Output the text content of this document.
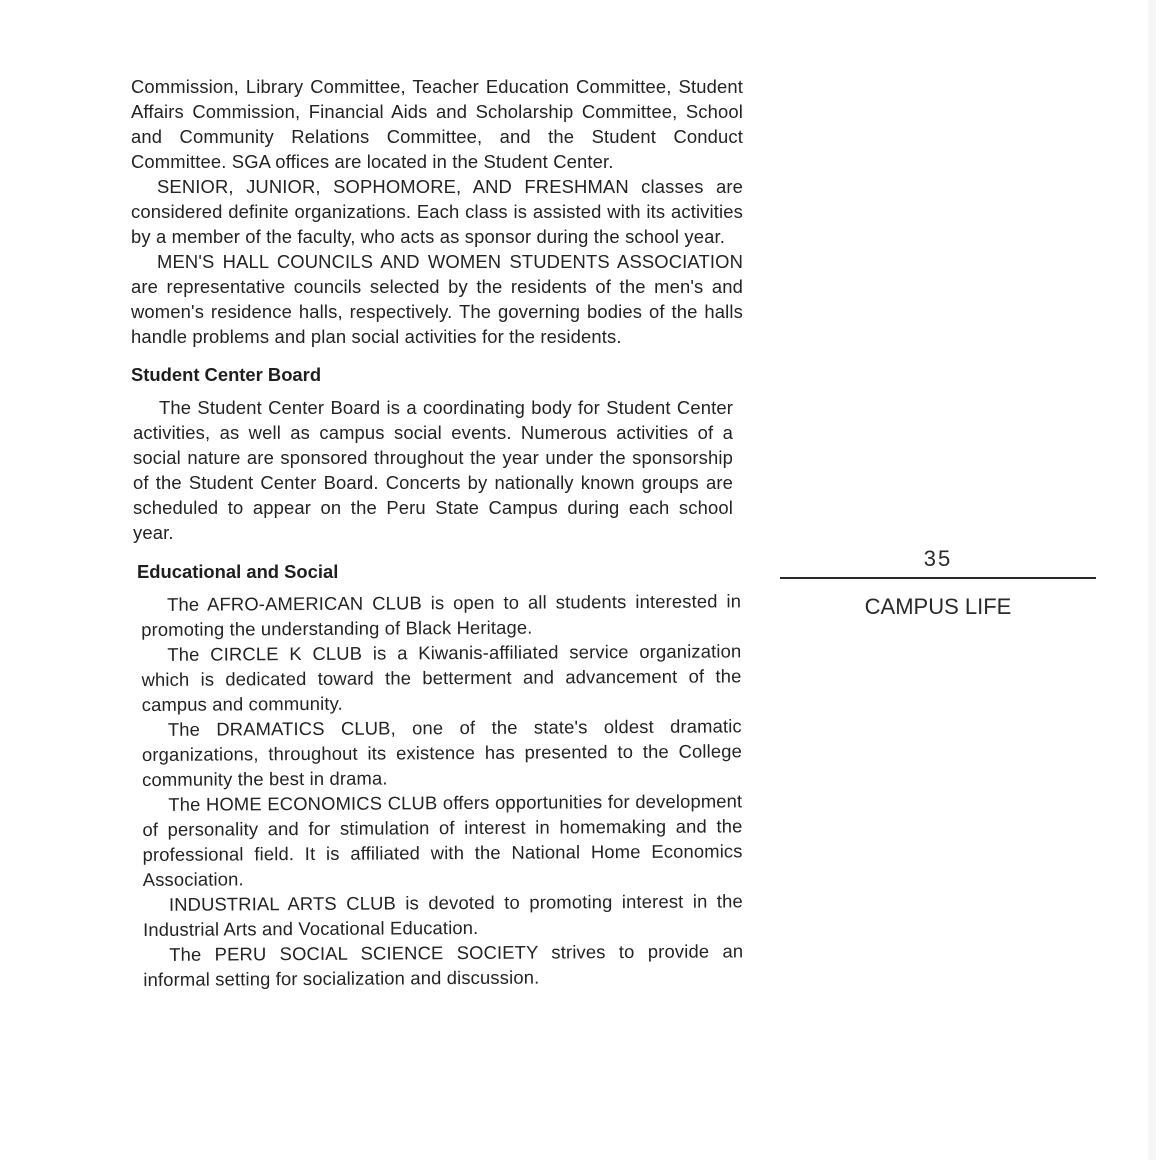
Commission, Library Committee, Teacher Education Committee, Student Affairs Commission, Financial Aids and Scholarship Committee, School and Community Relations Committee, and the Student Conduct Committee. SGA offices are located in the Student Center.

SENIOR, JUNIOR, SOPHOMORE, AND FRESHMAN classes are considered definite organizations. Each class is assisted with its activities by a member of the faculty, who acts as sponsor during the school year.

MEN'S HALL COUNCILS AND WOMEN STUDENTS ASSOCIATION are representative councils selected by the residents of the men's and women's residence halls, respectively. The governing bodies of the halls handle problems and plan social activities for the residents.

Student Center Board

The Student Center Board is a coordinating body for Student Center activities, as well as campus social events. Numerous activities of a social nature are sponsored throughout the year under the sponsorship of the Student Center Board. Concerts by nationally known groups are scheduled to appear on the Peru State Campus during each school year.

Educational and Social

The AFRO-AMERICAN CLUB is open to all students interested in promoting the understanding of Black Heritage.

The CIRCLE K CLUB is a Kiwanis-affiliated service organization which is dedicated toward the betterment and advancement of the campus and community.

The DRAMATICS CLUB, one of the state's oldest dramatic organizations, throughout its existence has presented to the College community the best in drama.

The HOME ECONOMICS CLUB offers opportunities for development of personality and for stimulation of interest in homemaking and the professional field. It is affiliated with the National Home Economics Association.

INDUSTRIAL ARTS CLUB is devoted to promoting interest in the Industrial Arts and Vocational Education.

The PERU SOCIAL SCIENCE SOCIETY strives to provide an informal setting for socialization and discussion.

35
CAMPUS LIFE
